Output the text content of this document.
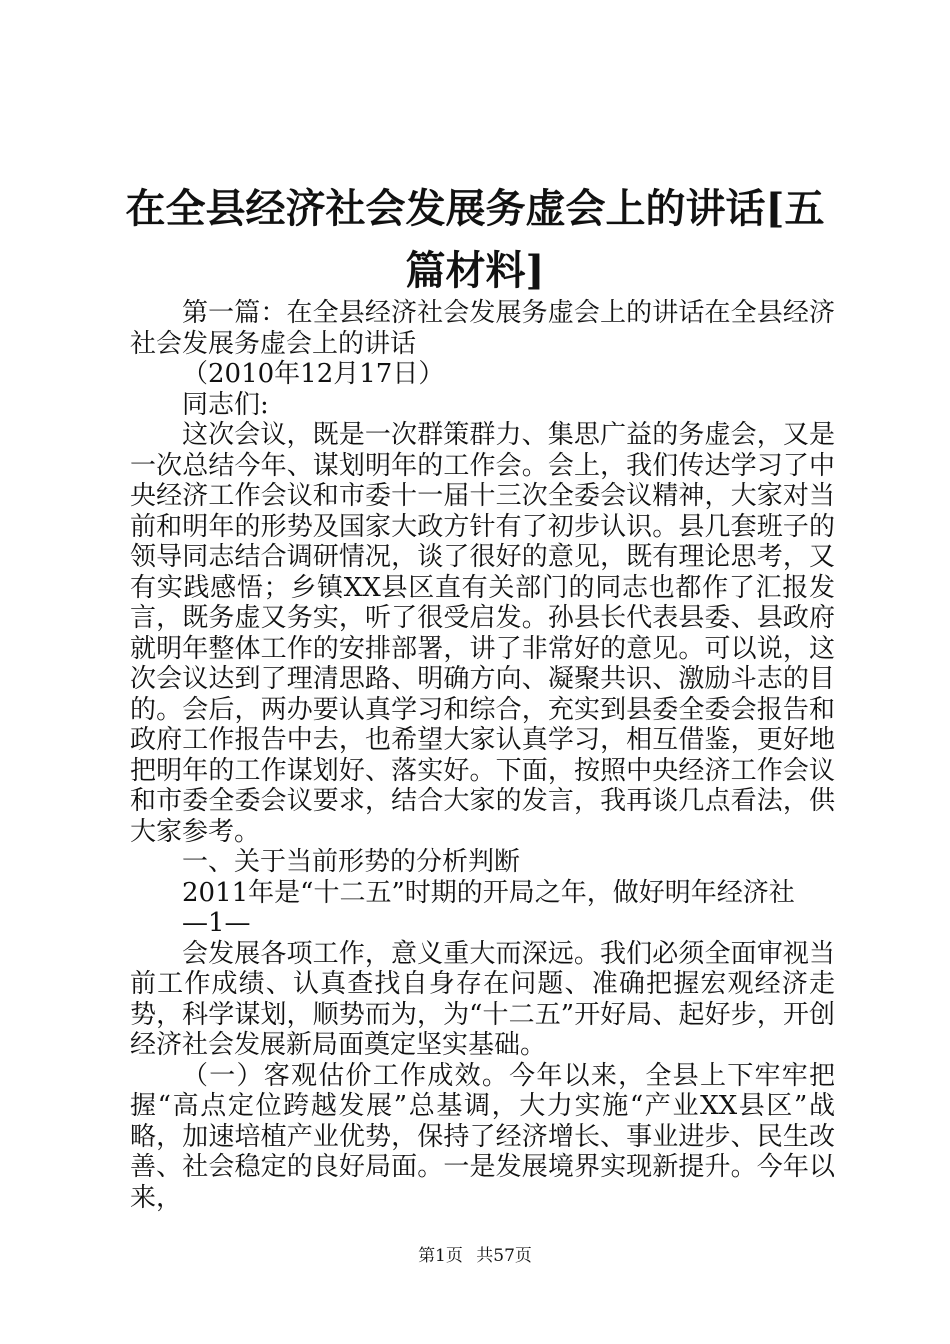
在全县经济社会发展务虚会上的讲话[五篇材料]

第一篇：在全县经济社会发展务虚会上的讲话在全县经济社会发展务虚会上的讲话

（2010年12月17日）

同志们:

这次会议，既是一次群策群力、集思广益的务虚会，又是一次总结今年、谋划明年的工作会。会上，我们传达学习了中央经济工作会议和市委十一届十三次全委会议精神，大家对当前和明年的形势及国家大政方针有了初步认识。县几套班子的领导同志结合调研情况，谈了很好的意见，既有理论思考，又有实践感悟；乡镇XX县区直有关部门的同志也都作了汇报发言，既务虚又务实，听了很受启发。孙县长代表县委、县政府就明年整体工作的安排部署，讲了非常好的意见。可以说，这次会议达到了理清思路、明确方向、凝聚共识、激励斗志的目的。会后，两办要认真学习和综合，充实到县委全委会报告和政府工作报告中去，也希望大家认真学习，相互借鉴，更好地把明年的工作谋划好、落实好。下面，按照中央经济工作会议和市委全委会议要求，结合大家的发言，我再谈几点看法，供大家参考。

一、关于当前形势的分析判断

2011年是“十二五”时期的开局之年，做好明年经济社

—1—

会发展各项工作，意义重大而深远。我们必须全面审视当前工作成绩、认真查找自身存在问题、准确把握宏观经济走势，科学谋划，顺势而为，为“十二五”开好局、起好步，开创经济社会发展新局面奠定坚实基础。

（一）客观估价工作成效。今年以来，全县上下牢牢把握“高点定位跨越发展”总基调，大力实施“产业XX县区”战略，加速培植产业优势，保持了经济增长、事业进步、民生改善、社会稳定的良好局面。一是发展境界实现新提升。今年以来，

第1页 共57页
